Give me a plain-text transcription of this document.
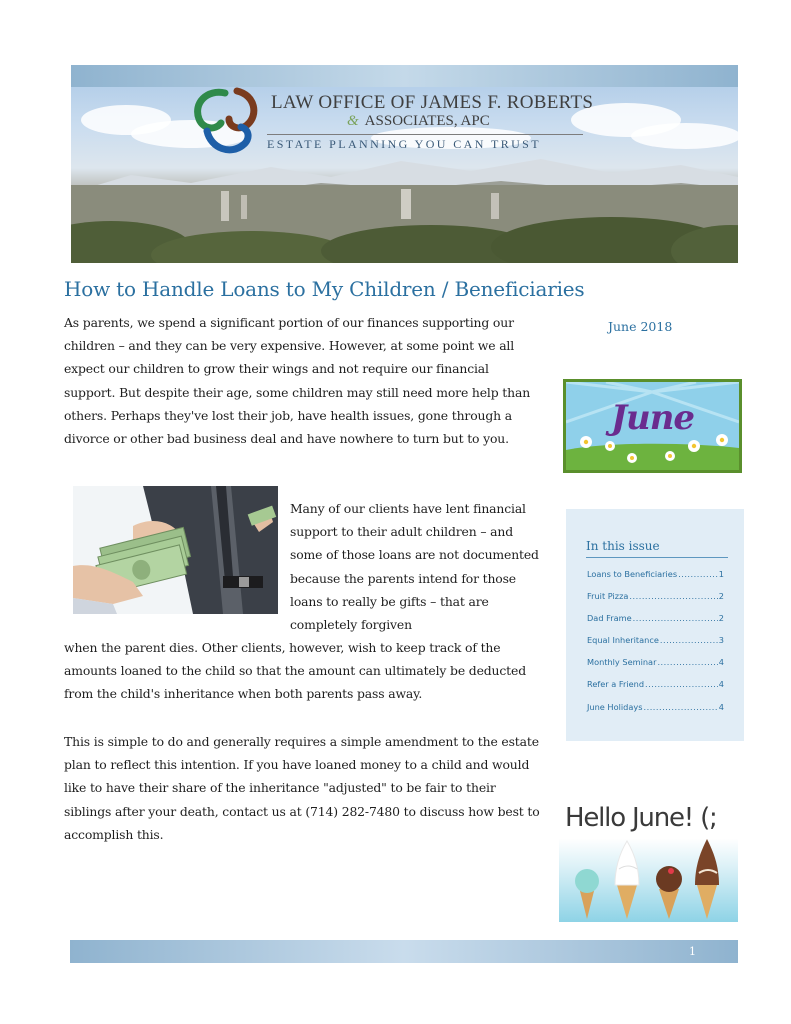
LAW OFFICE OF JAMES F. ROBERTS
& ASSOCIATES, APC
ESTATE PLANNING YOU CAN TRUST
How to Handle Loans to My Children / Beneficiaries

As parents, we spend a significant portion of our finances supporting our children – and they can be very expensive. However, at some point we all expect our children to grow their wings and not require our financial support. But despite their age, some children may still need more help than others. Perhaps they've lost their job, have health issues, gone through a divorce or other bad business deal and have nowhere to turn but to you.

Many of our clients have lent financial support to their adult children – and some of those loans are not documented because the parents intend for those loans to really be gifts – that are completely forgiven

when the parent dies. Other clients, however, wish to keep track of the amounts loaned to the child so that the amount can ultimately be deducted from the child's inheritance when both parents pass away.

This is simple to do and generally requires a simple amendment to the estate plan to reflect this intention. If you have loaned money to a child and would like to have their share of the inheritance "adjusted" to be fair to their siblings after your death, contact us at (714) 282-7480 to discuss how best to accomplish this.

June 2018
June
In this issue
Loans to Beneficiaries .....	1
Fruit Pizza .....	2
Dad Frame .....	2
Equal Inheritance .....	3
Monthly Seminar .....	4
Refer a Friend .....	4
June Holidays .....	4
Hello June! (;
1
